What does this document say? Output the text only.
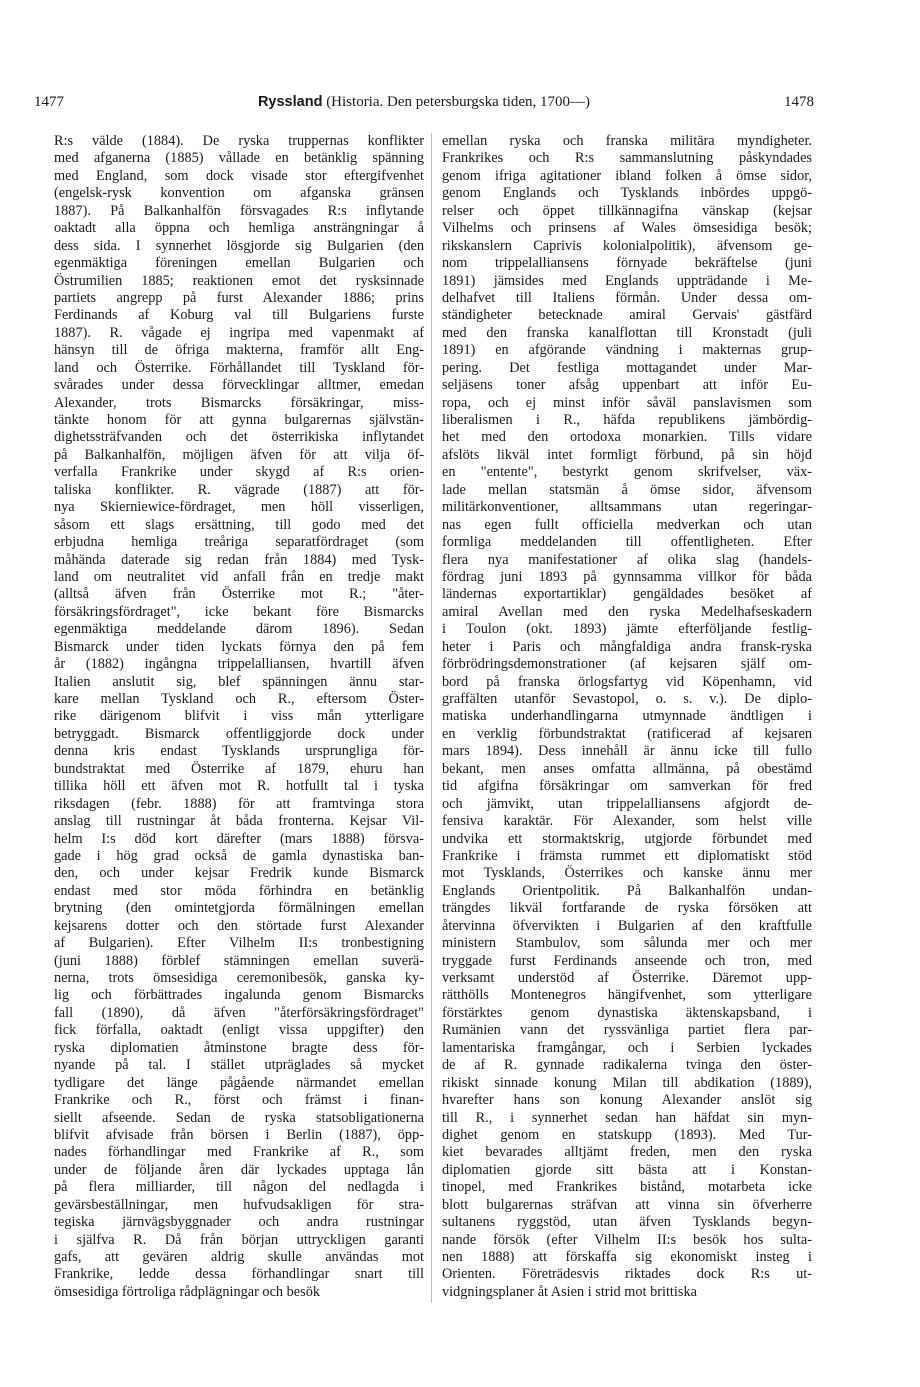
1477	Ryssland (Historia. Den petersburgska tiden, 1700—)	1478
R:s välde (1884). De ryska truppernas konflikter
med afganerna (1885) vållade en betänklig spänning
med England, som dock visade stor eftergifvenhet
(engelsk-rysk konvention om afganska gränsen
1887). På Balkanhalfön försvagades R:s inflytande
oaktadt alla öppna och hemliga ansträngningar å
dess sida. I synnerhet lösgjorde sig Bulgarien (den
egenmäktiga föreningen emellan Bulgarien och
Östrumilien 1885; reaktionen emot det rysksinnade
partiets angrepp på furst Alexander 1886; prins
Ferdinands af Koburg val till Bulgariens furste
1887). R. vågade ej ingripa med vapenmakt af
hänsyn till de öfriga makterna, framför allt Eng-
land och Österrike. Förhållandet till Tyskland för-
svårades under dessa förvecklingar alltmer, emedan
Alexander, trots Bismarcks försäkringar, miss-
tänkte honom för att gynna bulgarernas självstän-
dighetssträfvanden och det österrikiska inflytandet
på Balkanhalfön, möjligen äfven för att vilja öf-
verfalla Frankrike under skygd af R:s orien-
taliska konflikter. R. vägrade (1887) att för-
nya Skierniewice-fördraget, men höll visserligen,
såsom ett slags ersättning, till godo med det
erbjudna hemliga treåriga separatfördraget (som
måhända daterade sig redan från 1884) med Tysk-
land om neutralitet vid anfall från en tredje makt
(alltså äfven från Österrike mot R.; "åter-
försäkringsfördraget", icke bekant före Bismarcks
egenmäktiga meddelande därom 1896). Sedan
Bismarck under tiden lyckats förnya den på fem
år (1882) ingångna trippelalliansen, hvartill äfven
Italien anslutit sig, blef spänningen ännu star-
kare mellan Tyskland och R., eftersom Öster-
rike därigenom blifvit i viss mån ytterligare
betryggadt. Bismarck offentliggjorde dock under
denna kris endast Tysklands ursprungliga för-
bundstraktat med Österrike af 1879, ehuru han
tillika höll ett äfven mot R. hotfullt tal i tyska
riksdagen (febr. 1888) för att framtvinga stora
anslag till rustningar åt båda fronterna. Kejsar Vil-
helm I:s död kort därefter (mars 1888) försva-
gade i hög grad också de gamla dynastiska ban-
den, och under kejsar Fredrik kunde Bismarck
endast med stor möda förhindra en betänklig
brytning (den omintetgjorda förmälningen emellan
kejsarens dotter och den störtade furst Alexander
af Bulgarien). Efter Vilhelm II:s tronbestigning
(juni 1888) förblef stämningen emellan suverä-
nerna, trots ömsesidiga ceremonibesök, ganska ky-
lig och förbättrades ingalunda genom Bismarcks
fall (1890), då äfven "återförsäkringsfördraget"
fick förfalla, oaktadt (enligt vissa uppgifter) den
ryska diplomatien åtminstone bragte dess för-
nyande på tal. I stället utpräglades så mycket
tydligare det länge pågående närmandet emellan
Frankrike och R., först och främst i finan-
siellt afseende. Sedan de ryska statsobligationerna
blifvit afvisade från börsen i Berlin (1887), öpp-
nades förhandlingar med Frankrike af R., som
under de följande åren där lyckades upptaga lån
på flera milliarder, till någon del nedlagda i
gevärsbeställningar, men hufvudsakligen för stra-
tegiska järnvägsbyggnader och andra rustningar
i själfva R. Då från början uttryckligen garanti
gafs, att gevären aldrig skulle användas mot
Frankrike, ledde dessa förhandlingar snart till
ömsesidiga förtroliga rådplägningar och besök
emellan ryska och franska militära myndigheter.
Frankrikes och R:s sammanslutning påskyndades
genom ifriga agitationer ibland folken å ömse sidor,
genom Englands och Tysklands inbördes uppgö-
relser och öppet tillkännagifna vänskap (kejsar
Vilhelms och prinsens af Wales ömsesidiga besök;
rikskanslern Caprivis kolonialpolitik), äfvensom ge-
nom trippelalliansens förnyade bekräftelse (juni
1891) jämsides med Englands uppträdande i Me-
delhafvet till Italiens förmån. Under dessa om-
ständigheter betecknade amiral Gervais' gästfärd
med den franska kanalflottan till Kronstadt (juli
1891) en afgörande vändning i makternas grup-
pering. Det festliga mottagandet under Mar-
seljäsens toner afsåg uppenbart att inför Eu-
ropa, och ej minst inför såväl panslavismen som
liberalismen i R., häfda republikens jämbördig-
het med den ortodoxa monarkien. Tills vidare
afslöts likväl intet formligt förbund, på sin höjd
en "entente", bestyrkt genom skrifvelser, väx-
lade mellan statsmän å ömse sidor, äfvensom
militärkonventioner, alltsammans utan regeringar-
nas egen fullt officiella medverkan och utan
formliga meddelanden till offentligheten. Efter
flera nya manifestationer af olika slag (handels-
fördrag juni 1893 på gynnsamma villkor för båda
ländernas exportartiklar) gengäldades besöket af
amiral Avellan med den ryska Medelhafseskadern
i Toulon (okt. 1893) jämte efterföljande festlig-
heter i Paris och mångfaldiga andra fransk-ryska
förbrödringsdemonstrationer (af kejsaren själf om-
bord på franska örlogsfartyg vid Köpenhamn, vid
graffälten utanför Sevastopol, o. s. v.). De diplo-
matiska underhandlingarna utmynnade ändtligen i
en verklig förbundstraktat (ratificerad af kejsaren
mars 1894). Dess innehåll är ännu icke till fullo
bekant, men anses omfatta allmänna, på obestämd
tid afgifna försäkringar om samverkan för fred
och jämvikt, utan trippelalliansens afgjordt de-
fensiva karaktär. För Alexander, som helst ville
undvika ett stormaktskrig, utgjorde förbundet med
Frankrike i främsta rummet ett diplomatiskt stöd
mot Tysklands, Österrikes och kanske ännu mer
Englands Orientpolitik. På Balkanhalfön undan-
trängdes likväl fortfarande de ryska försöken att
återvinna öfvervikten i Bulgarien af den kraftfulle
ministern Stambulov, som sålunda mer och mer
tryggade furst Ferdinands anseende och tron, med
verksamt understöd af Österrike. Däremot upp-
rätthölls Montenegros hängifvenhet, som ytterligare
förstärktes genom dynastiska äktenskapsband, i
Rumänien vann det ryssvänliga partiet flera par-
lamentariska framgångar, och i Serbien lyckades
de af R. gynnade radikalerna tvinga den öster-
rikiskt sinnade konung Milan till abdikation (1889),
hvarefter hans son konung Alexander anslöt sig
till R., i synnerhet sedan han häfdat sin myn-
dighet genom en statskupp (1893). Med Tur-
kiet bevarades alltjämt freden, men den ryska
diplomatien gjorde sitt bästa att i Konstan-
tinopel, med Frankrikes bistånd, motarbeta icke
blott bulgarernas sträfvan att vinna sin öfverherre
sultanens ryggstöd, utan äfven Tysklands begyn-
nande försök (efter Vilhelm II:s besök hos sulta-
nen 1888) att förskaffa sig ekonomiskt insteg i
Orienten. Företrädesvis riktades dock R:s ut-
vidgningsplaner åt Asien i strid mot brittiska
